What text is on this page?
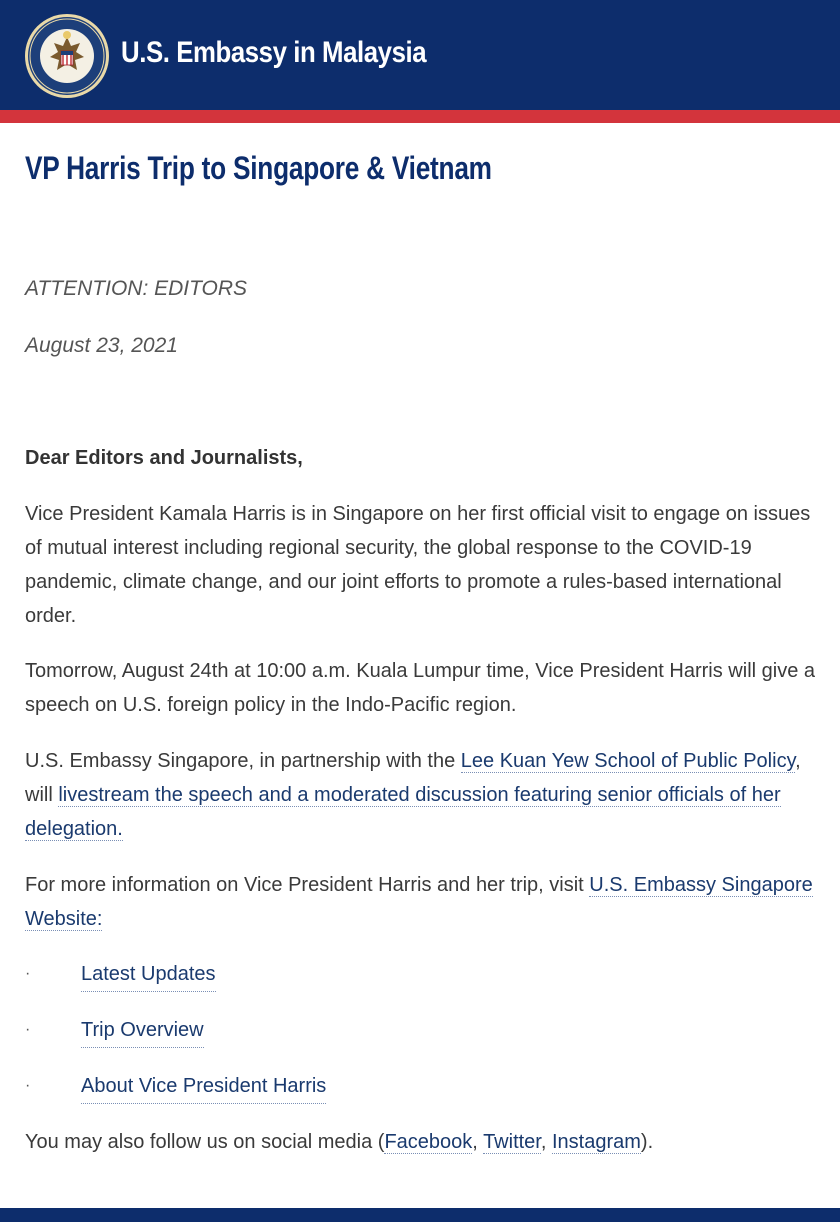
U.S. Embassy in Malaysia
VP Harris Trip to Singapore & Vietnam
ATTENTION: EDITORS
August 23, 2021
Dear Editors and Journalists,
Vice President Kamala Harris is in Singapore on her first official visit to engage on issues of mutual interest including regional security, the global response to the COVID-19 pandemic, climate change, and our joint efforts to promote a rules-based international order.
Tomorrow, August 24th at 10:00 a.m. Kuala Lumpur time, Vice President Harris will give a speech on U.S. foreign policy in the Indo-Pacific region.
U.S. Embassy Singapore, in partnership with the Lee Kuan Yew School of Public Policy, will livestream the speech and a moderated discussion featuring senior officials of her delegation.
For more information on Vice President Harris and her trip, visit U.S. Embassy Singapore Website:
·	Latest Updates
·	Trip Overview
·	About Vice President Harris
You may also follow us on social media (Facebook, Twitter, Instagram).
